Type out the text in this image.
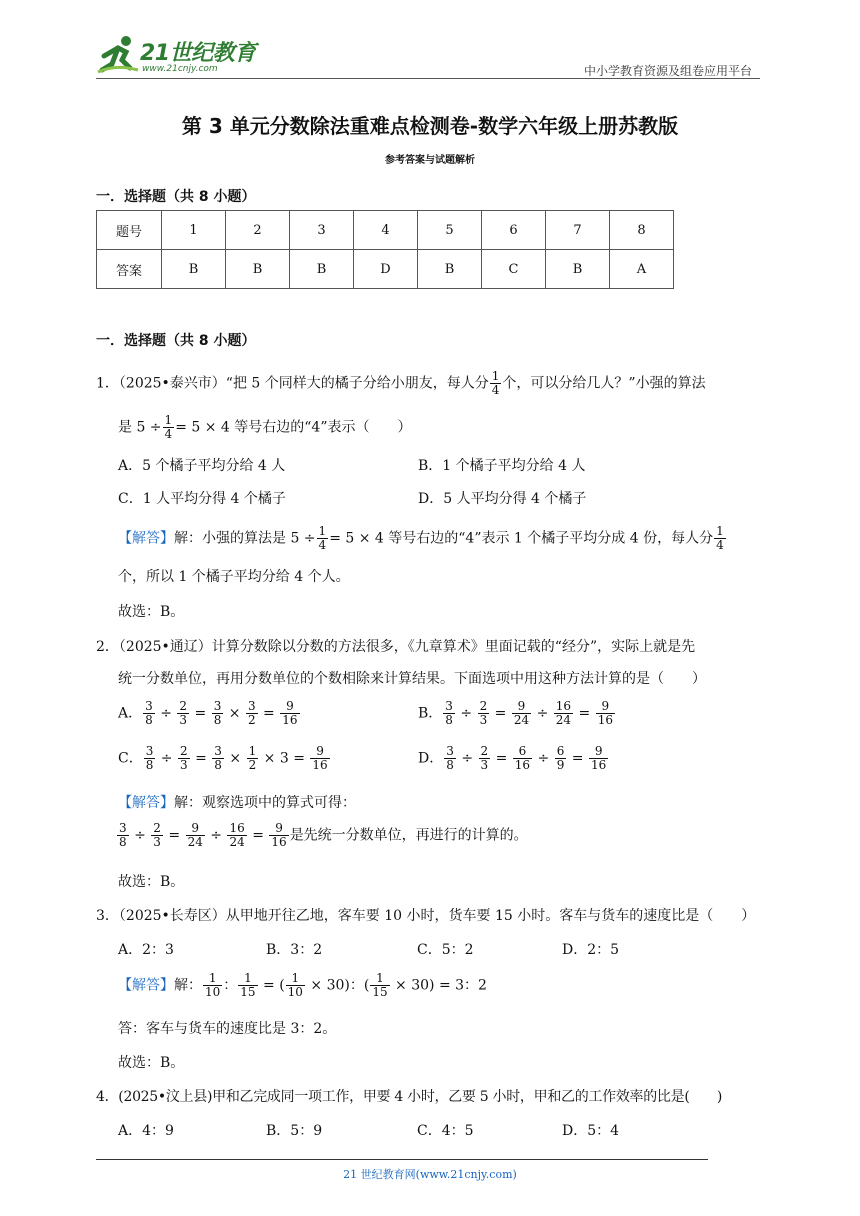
21世纪教育
www.21cnjy.com	中小学教育资源及组卷应用平台
第 3 单元分数除法重难点检测卷-数学六年级上册苏教版
参考答案与试题解析
一．选择题（共 8 小题）
题号	1	2	3	4	5	6	7	8
答案	B	B	B	D	B	C	B	A
一．选择题（共 8 小题）
1．（2025•泰兴市）“把 5 个同样大的橘子分给小朋友，每人分 $\frac{1}{4}$ 个，可以分给几人？”小强的算法
是 $5 \div \frac{1}{4} = 5 \times 4$ 等号右边的“4”表示（　　）
A．5 个橘子平均分给 4 人	B．1 个橘子平均分给 4 人
C．1 人平均分得 4 个橘子	D．5 人平均分得 4 个橘子
【解答】解：小强的算法是 $5 \div \frac{1}{4} = 5 \times 4$ 等号右边的“4”表示 1 个橘子平均分成 4 份，每人分 $\frac{1}{4}$
个，所以 1 个橘子平均分给 4 个人。
故选：B。
2．（2025•通辽）计算分数除以分数的方法很多，《九章算术》里面记载的“经分”，实际上就是先
统一分数单位，再用分数单位的个数相除来计算结果。下面选项中用这种方法计算的是（　　）
A． $\frac{3}{8} \div \frac{2}{3} = \frac{3}{8} \times \frac{3}{2} = \frac{9}{16}$	B． $\frac{3}{8} \div \frac{2}{3} = \frac{9}{24} \div \frac{16}{24} = \frac{9}{16}$
C． $\frac{3}{8} \div \frac{2}{3} = \frac{3}{8} \times \frac{1}{2} \times 3 = \frac{9}{16}$	D． $\frac{3}{8} \div \frac{2}{3} = \frac{6}{16} \div \frac{6}{9} = \frac{9}{16}$
【解答】解：观察选项中的算式可得：
$\frac{3}{8} \div \frac{2}{3} = \frac{9}{24} \div \frac{16}{24} = \frac{9}{16}$ 是先统一分数单位，再进行的计算的。
故选：B。
3．（2025•长寿区）从甲地开往乙地，客车要 10 小时，货车要 15 小时。客车与货车的速度比是（　　）
A．2：3	B．3：2	C．5：2	D．2：5
【解答】解： $\frac{1}{10}$ ： $\frac{1}{15}$ = ( $\frac{1}{10} \times 30$)：( $\frac{1}{15} \times 30) = 3$：2
答：客车与货车的速度比是 3：2。
故选：B。
4．(2025•汶上县)甲和乙完成同一项工作，甲要 4 小时，乙要 5 小时，甲和乙的工作效率的比是(　　)
A．4：9	B．5：9	C．4：5	D．5：4
21 世纪教育网(www.21cnjy.com)
